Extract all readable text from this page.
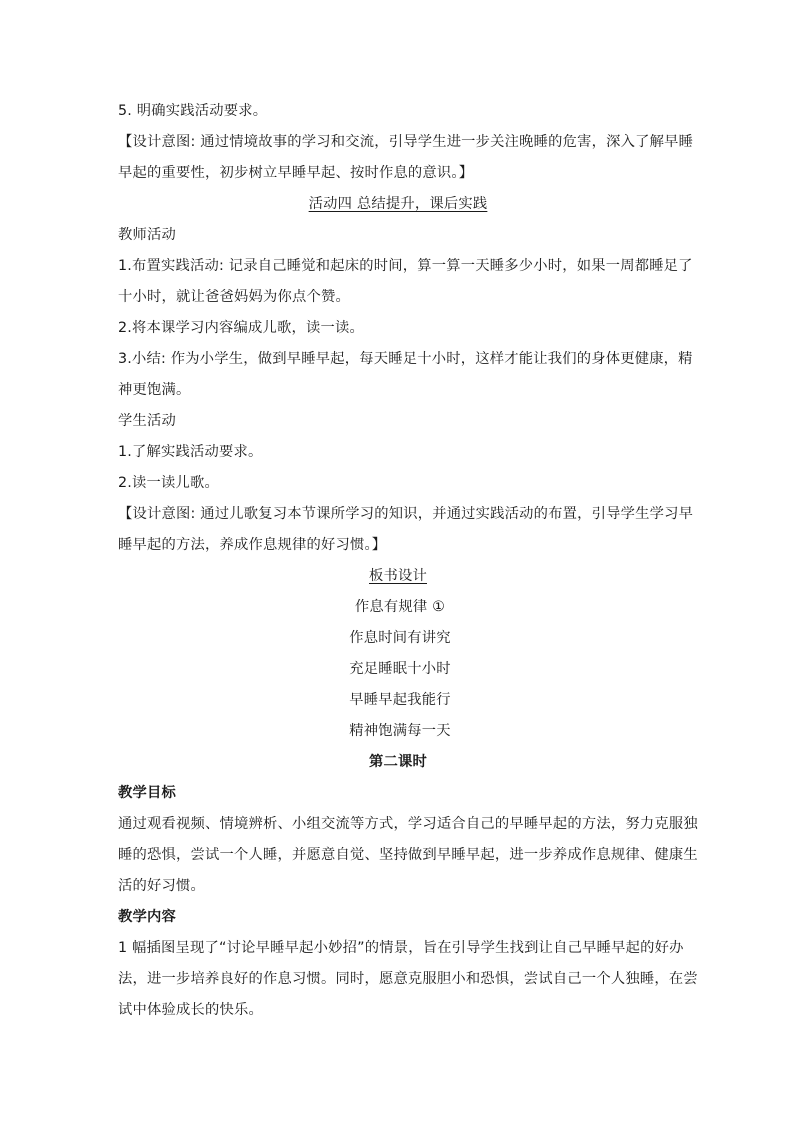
5. 明确实践活动要求。
【设计意图: 通过情境故事的学习和交流，引导学生进一步关注晚睡的危害，深入了解早睡
早起的重要性，初步树立早睡早起、按时作息的意识。】
活动四 总结提升，课后实践
教师活动
1.布置实践活动: 记录自己睡觉和起床的时间，算一算一天睡多少小时，如果一周都睡足了
十小时，就让爸爸妈妈为你点个赞。
2.将本课学习内容编成儿歌，读一读。
3.小结: 作为小学生，做到早睡早起，每天睡足十小时，这样才能让我们的身体更健康，精
神更饱满。
学生活动
1.了解实践活动要求。
2.读一读儿歌。
【设计意图: 通过儿歌复习本节课所学习的知识，并通过实践活动的布置，引导学生学习早
睡早起的方法，养成作息规律的好习惯。】
板书设计
作息有规律 ①
作息时间有讲究
充足睡眠十小时
早睡早起我能行
精神饱满每一天
第二课时
教学目标
通过观看视频、情境辨析、小组交流等方式，学习适合自己的早睡早起的方法，努力克服独
睡的恐惧，尝试一个人睡，并愿意自觉、坚持做到早睡早起，进一步养成作息规律、健康生
活的好习惯。
教学内容
1 幅插图呈现了“讨论早睡早起小妙招”的情景，旨在引导学生找到让自己早睡早起的好办
法，进一步培养良好的作息习惯。同时，愿意克服胆小和恐惧，尝试自己一个人独睡，在尝
试中体验成长的快乐。
